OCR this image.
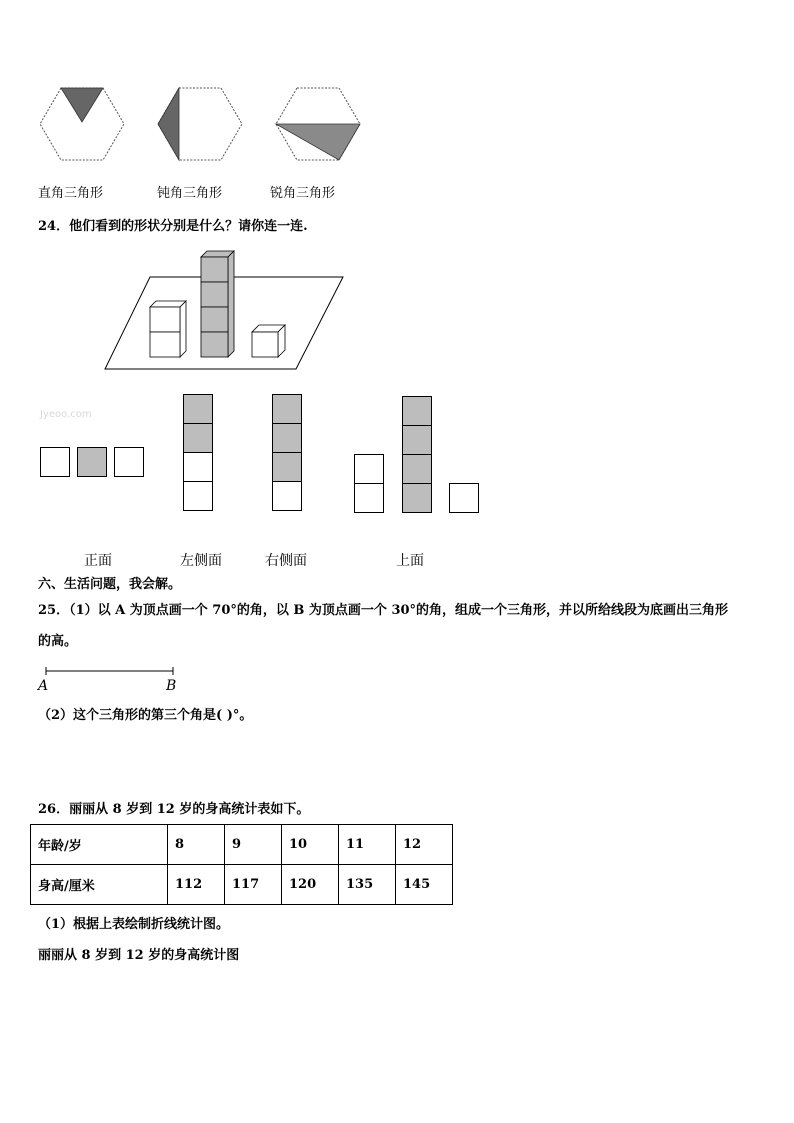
直角三角形	钝角三角形	锐角三角形
24．他们看到的形状分别是什么？请你连一连.
Jyeoo.com
正面	左侧面	右侧面	上面
六、生活问题，我会解。
25．（1）以 A 为顶点画一个 70°的角，以 B 为顶点画一个 30°的角，组成一个三角形，并以所给线段为底画出三角形
的高。
A	B
（2）这个三角形的第三个角是( )°。
26．丽丽从 8 岁到 12 岁的身高统计表如下。
年龄/岁	8	9	10	11	12
身高/厘米	112	117	120	135	145
（1）根据上表绘制折线统计图。
丽丽从 8 岁到 12 岁的身高统计图
